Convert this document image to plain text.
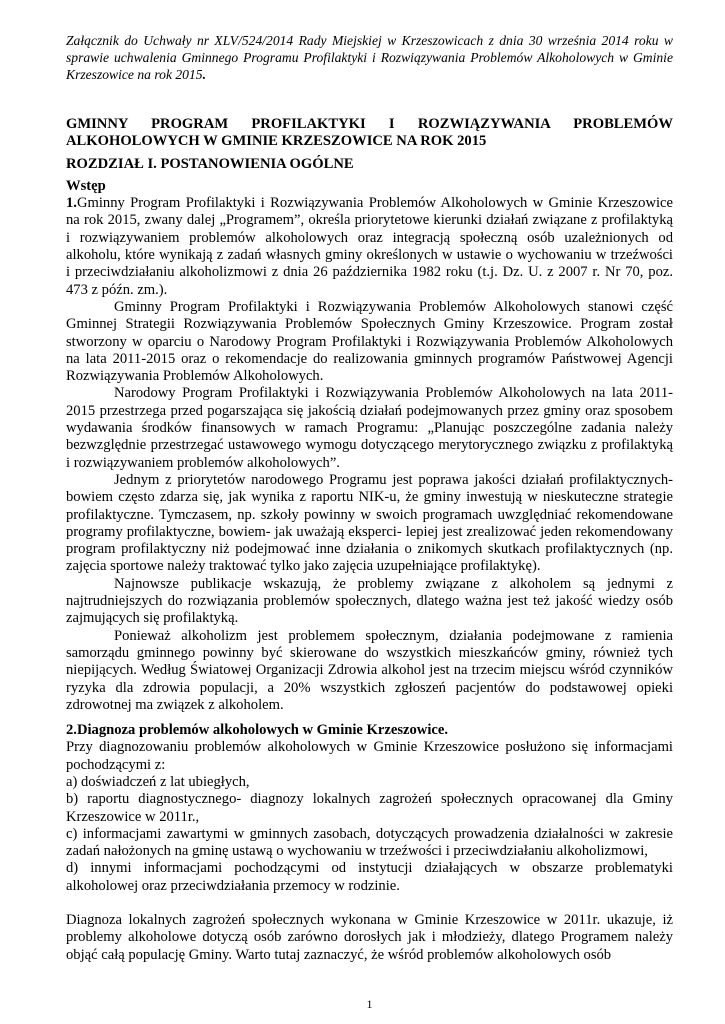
Załącznik do Uchwały nr XLV/524/2014 Rady Miejskiej w Krzeszowicach z dnia 30 września 2014 roku w sprawie uchwalenia Gminnego Programu Profilaktyki i Rozwiązywania Problemów Alkoholowych w Gminie Krzeszowice na rok 2015.

GMINNY PROGRAM PROFILAKTYKI I ROZWIĄZYWANIA PROBLEMÓW ALKOHOLOWYCH W GMINIE KRZESZOWICE NA ROK 2015

ROZDZIAŁ I. POSTANOWIENIA OGÓLNE

Wstęp

1.Gminny Program Profilaktyki i Rozwiązywania Problemów Alkoholowych w Gminie Krzeszowice na rok 2015, zwany dalej „Programem”, określa priorytetowe kierunki działań związane z profilaktyką i rozwiązywaniem problemów alkoholowych oraz integracją społeczną osób uzależnionych od alkoholu, które wynikają z zadań własnych gminy określonych w ustawie o wychowaniu w trzeźwości i przeciwdziałaniu alkoholizmowi z dnia 26 października 1982 roku (t.j. Dz. U. z 2007 r. Nr 70, poz. 473 z późn. zm.).

Gminny Program Profilaktyki i Rozwiązywania Problemów Alkoholowych stanowi część Gminnej Strategii Rozwiązywania Problemów Społecznych Gminy Krzeszowice. Program został stworzony w oparciu o Narodowy Program Profilaktyki i Rozwiązywania Problemów Alkoholowych na lata 2011-2015 oraz o rekomendacje do realizowania gminnych programów Państwowej Agencji Rozwiązywania Problemów Alkoholowych.

Narodowy Program Profilaktyki i Rozwiązywania Problemów Alkoholowych na lata 2011-2015 przestrzega przed pogarszająca się jakością działań podejmowanych przez gminy oraz sposobem wydawania środków finansowych w ramach Programu: „Planując poszczególne zadania należy bezwzględnie przestrzegać ustawowego wymogu dotyczącego merytorycznego związku z profilaktyką i rozwiązywaniem problemów alkoholowych”.

Jednym z priorytetów narodowego Programu jest poprawa jakości działań profilaktycznych- bowiem często zdarza się, jak wynika z raportu NIK-u, że gminy inwestują w nieskuteczne strategie profilaktyczne. Tymczasem, np. szkoły powinny w swoich programach uwzględniać rekomendowane programy profilaktyczne, bowiem- jak uważają eksperci- lepiej jest zrealizować jeden rekomendowany program profilaktyczny niż podejmować inne działania o znikomych skutkach profilaktycznych (np. zajęcia sportowe należy traktować tylko jako zajęcia uzupełniające profilaktykę).

Najnowsze publikacje wskazują, że problemy związane z alkoholem są jednymi z najtrudniejszych do rozwiązania problemów społecznych, dlatego ważna jest też jakość wiedzy osób zajmujących się profilaktyką.

Ponieważ alkoholizm jest problemem społecznym, działania podejmowane z ramienia samorządu gminnego powinny być skierowane do wszystkich mieszkańców gminy, również tych niepijących. Według Światowej Organizacji Zdrowia alkohol jest na trzecim miejscu wśród czynników ryzyka dla zdrowia populacji, a 20% wszystkich zgłoszeń pacjentów do podstawowej opieki zdrowotnej ma związek z alkoholem.

2.Diagnoza problemów alkoholowych w Gminie Krzeszowice.

Przy diagnozowaniu problemów alkoholowych w Gminie Krzeszowice posłużono się informacjami pochodzącymi z:

a) doświadczeń z lat ubiegłych,

b) raportu diagnostycznego- diagnozy lokalnych zagrożeń społecznych opracowanej dla Gminy Krzeszowice w 2011r.,

c) informacjami zawartymi w gminnych zasobach, dotyczących prowadzenia działalności w zakresie zadań nałożonych na gminę ustawą o wychowaniu w trzeźwości i przeciwdziałaniu alkoholizmowi,

d) innymi informacjami pochodzącymi od instytucji działających w obszarze problematyki alkoholowej oraz przeciwdziałania przemocy w rodzinie.

Diagnoza lokalnych zagrożeń społecznych wykonana w Gminie Krzeszowice w 2011r. ukazuje, iż problemy alkoholowe dotyczą osób zarówno dorosłych jak i młodzieży, dlatego Programem należy objąć całą populację Gminy. Warto tutaj zaznaczyć, że wśród problemów alkoholowych osób

1
